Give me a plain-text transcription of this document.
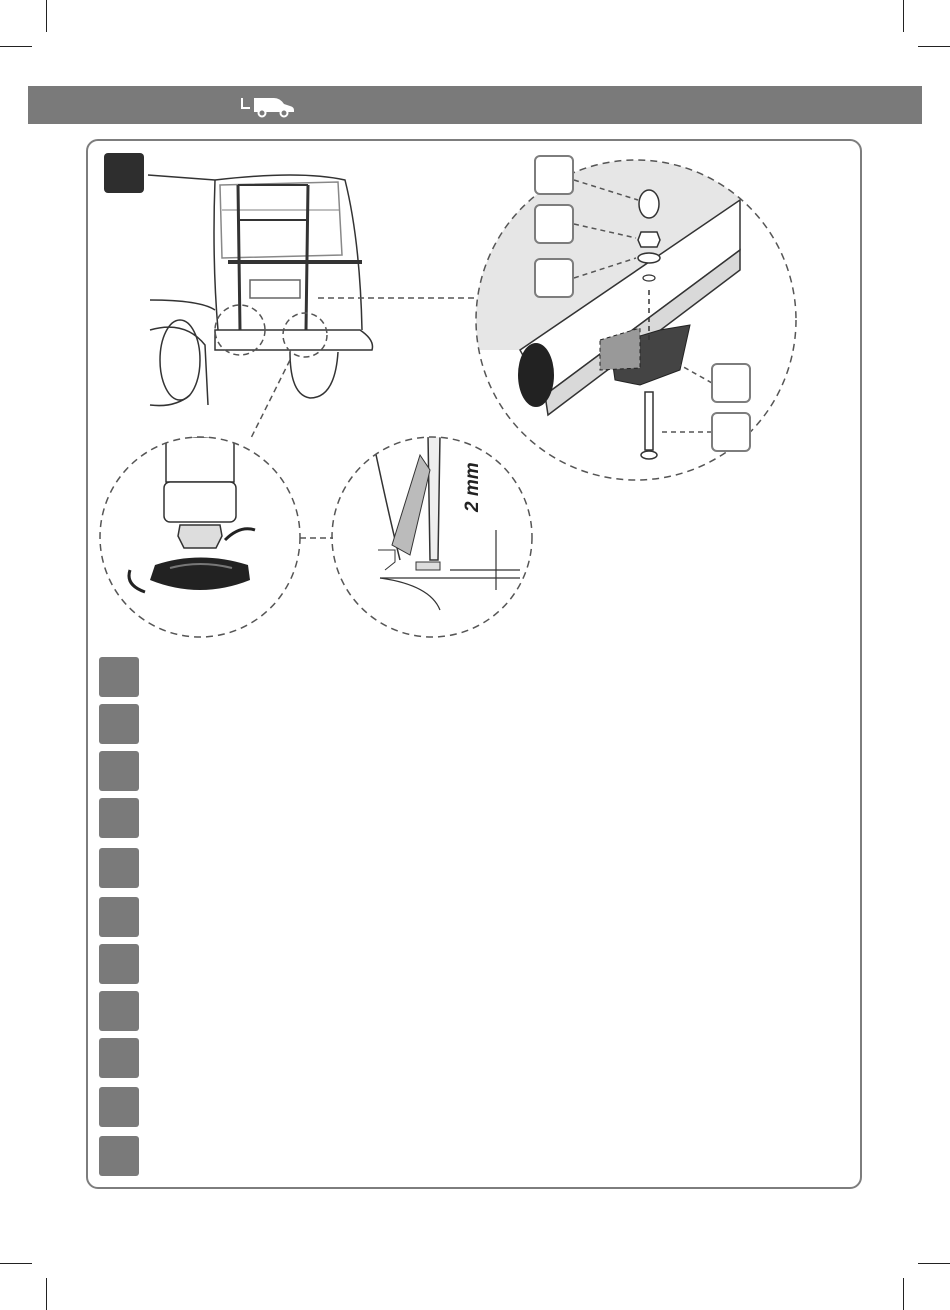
2 mm
